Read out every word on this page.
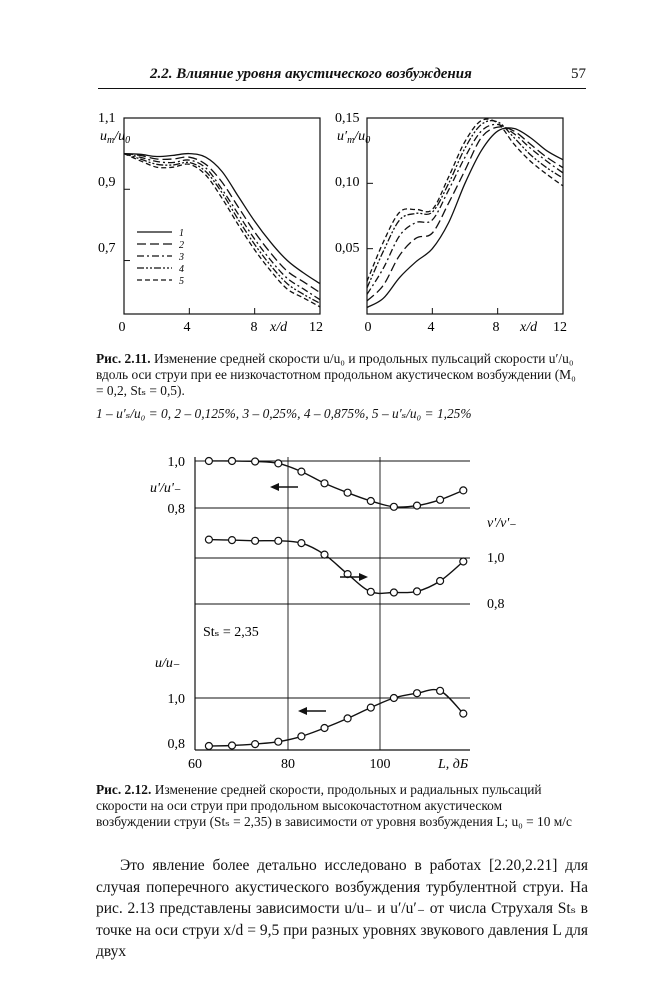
2.2. Влияние уровня акустического возбуждения	57
1,1
0,9
0,7
$u_m/u_0$
0	4	8	12
x/d
1
2
3
4
5
0,15
0,10
0,05
$u'_m/u_0$
0	4	8	12
x/d
1,0
u'/u'₋
0,8
v'/v'₋
1,0
0,8
Stₛ = 2,35
u/u₋
1,0
0,8
60	80	100	L, дБ
Рис. 2.11. Изменение средней скорости u/u₀ и продольных пульсаций скорости u′/u₀ вдоль оси струи при ее низкочастотном продольном акустическом возбуждении (M₀ = 0,2, Stₛ = 0,5).
1 – u′ₛ/u₀ = 0, 2 – 0,125%, 3 – 0,25%, 4 – 0,875%, 5 – u′ₛ/u₀ = 1,25%
Рис. 2.12. Изменение средней скорости, продольных и радиальных пульсаций скорости на оси струи при продольном высокочастотном акустическом возбуждении струи (Stₛ = 2,35) в зависимости от уровня возбуждения L; u₀ = 10 м/с

Это явление более детально исследовано в работах [2.20,2.21] для случая поперечного акустического возбуждения турбулентной струи. На рис. 2.13 представлены зависимости u/u₋ и u′/u′₋ от числа Струхаля Stₛ в точке на оси струи x/d = 9,5 при разных уровнях звукового давления L для двух
